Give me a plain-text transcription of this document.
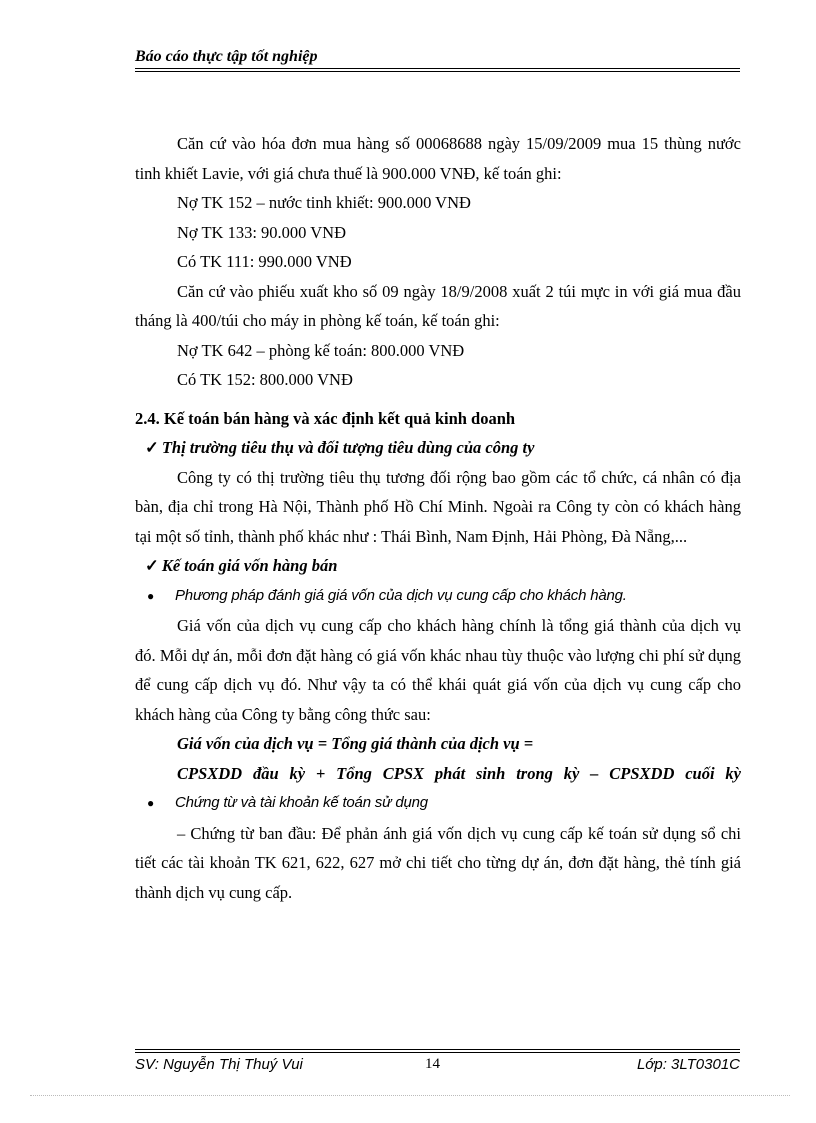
Báo cáo thực tập tốt nghiệp

Căn cứ vào hóa đơn mua hàng số 00068688 ngày 15/09/2009 mua 15 thùng nước tinh khiết Lavie, với giá chưa thuế là 900.000 VNĐ, kế toán ghi:

Nợ TK 152 – nước tinh khiết: 900.000 VNĐ

Nợ TK 133: 90.000 VNĐ

Có TK 111: 990.000 VNĐ

Căn cứ vào phiếu xuất kho số 09 ngày 18/9/2008 xuất 2 túi mực in với giá mua đầu tháng là 400/túi cho máy in phòng kế toán, kế toán ghi:

Nợ TK 642 – phòng kế toán: 800.000 VNĐ

Có TK 152: 800.000 VNĐ

2.4. Kế toán bán hàng và xác định kết quả kinh doanh

✓ Thị trường tiêu thụ và đối tượng tiêu dùng của công ty

Công ty có thị trường tiêu thụ tương đối rộng bao gồm các tổ chức, cá nhân có địa bàn, địa chỉ trong Hà Nội, Thành phố Hồ Chí Minh. Ngoài ra Công ty còn có khách hàng tại một số tỉnh, thành phố khác như : Thái Bình, Nam Định, Hải Phòng, Đà Nẵng,...

✓ Kế toán giá vốn hàng bán

● Phương pháp đánh giá giá vốn của dịch vụ cung cấp cho khách hàng.

Giá vốn của dịch vụ cung cấp cho khách hàng chính là tổng giá thành của dịch vụ đó. Mỗi dự án, mỗi đơn đặt hàng có giá vốn khác nhau tùy thuộc vào lượng chi phí sử dụng để cung cấp dịch vụ đó. Như vậy ta có thể khái quát giá vốn của dịch vụ cung cấp cho khách hàng của Công ty bằng công thức sau:

Giá vốn của dịch vụ = Tổng giá thành của dịch vụ =

CPSXDD đầu kỳ + Tổng CPSX phát sinh trong kỳ – CPSXDD cuối kỳ

● Chứng từ và tài khoản kế toán sử dụng

– Chứng từ ban đầu: Để phản ánh giá vốn dịch vụ cung cấp kế toán sử dụng sổ chi tiết các tài khoản TK 621, 622, 627 mở chi tiết cho từng dự án, đơn đặt hàng, thẻ tính giá thành dịch vụ cung cấp.

SV: Nguyễn Thị Thuý Vui	14	Lớp: 3LT0301C
